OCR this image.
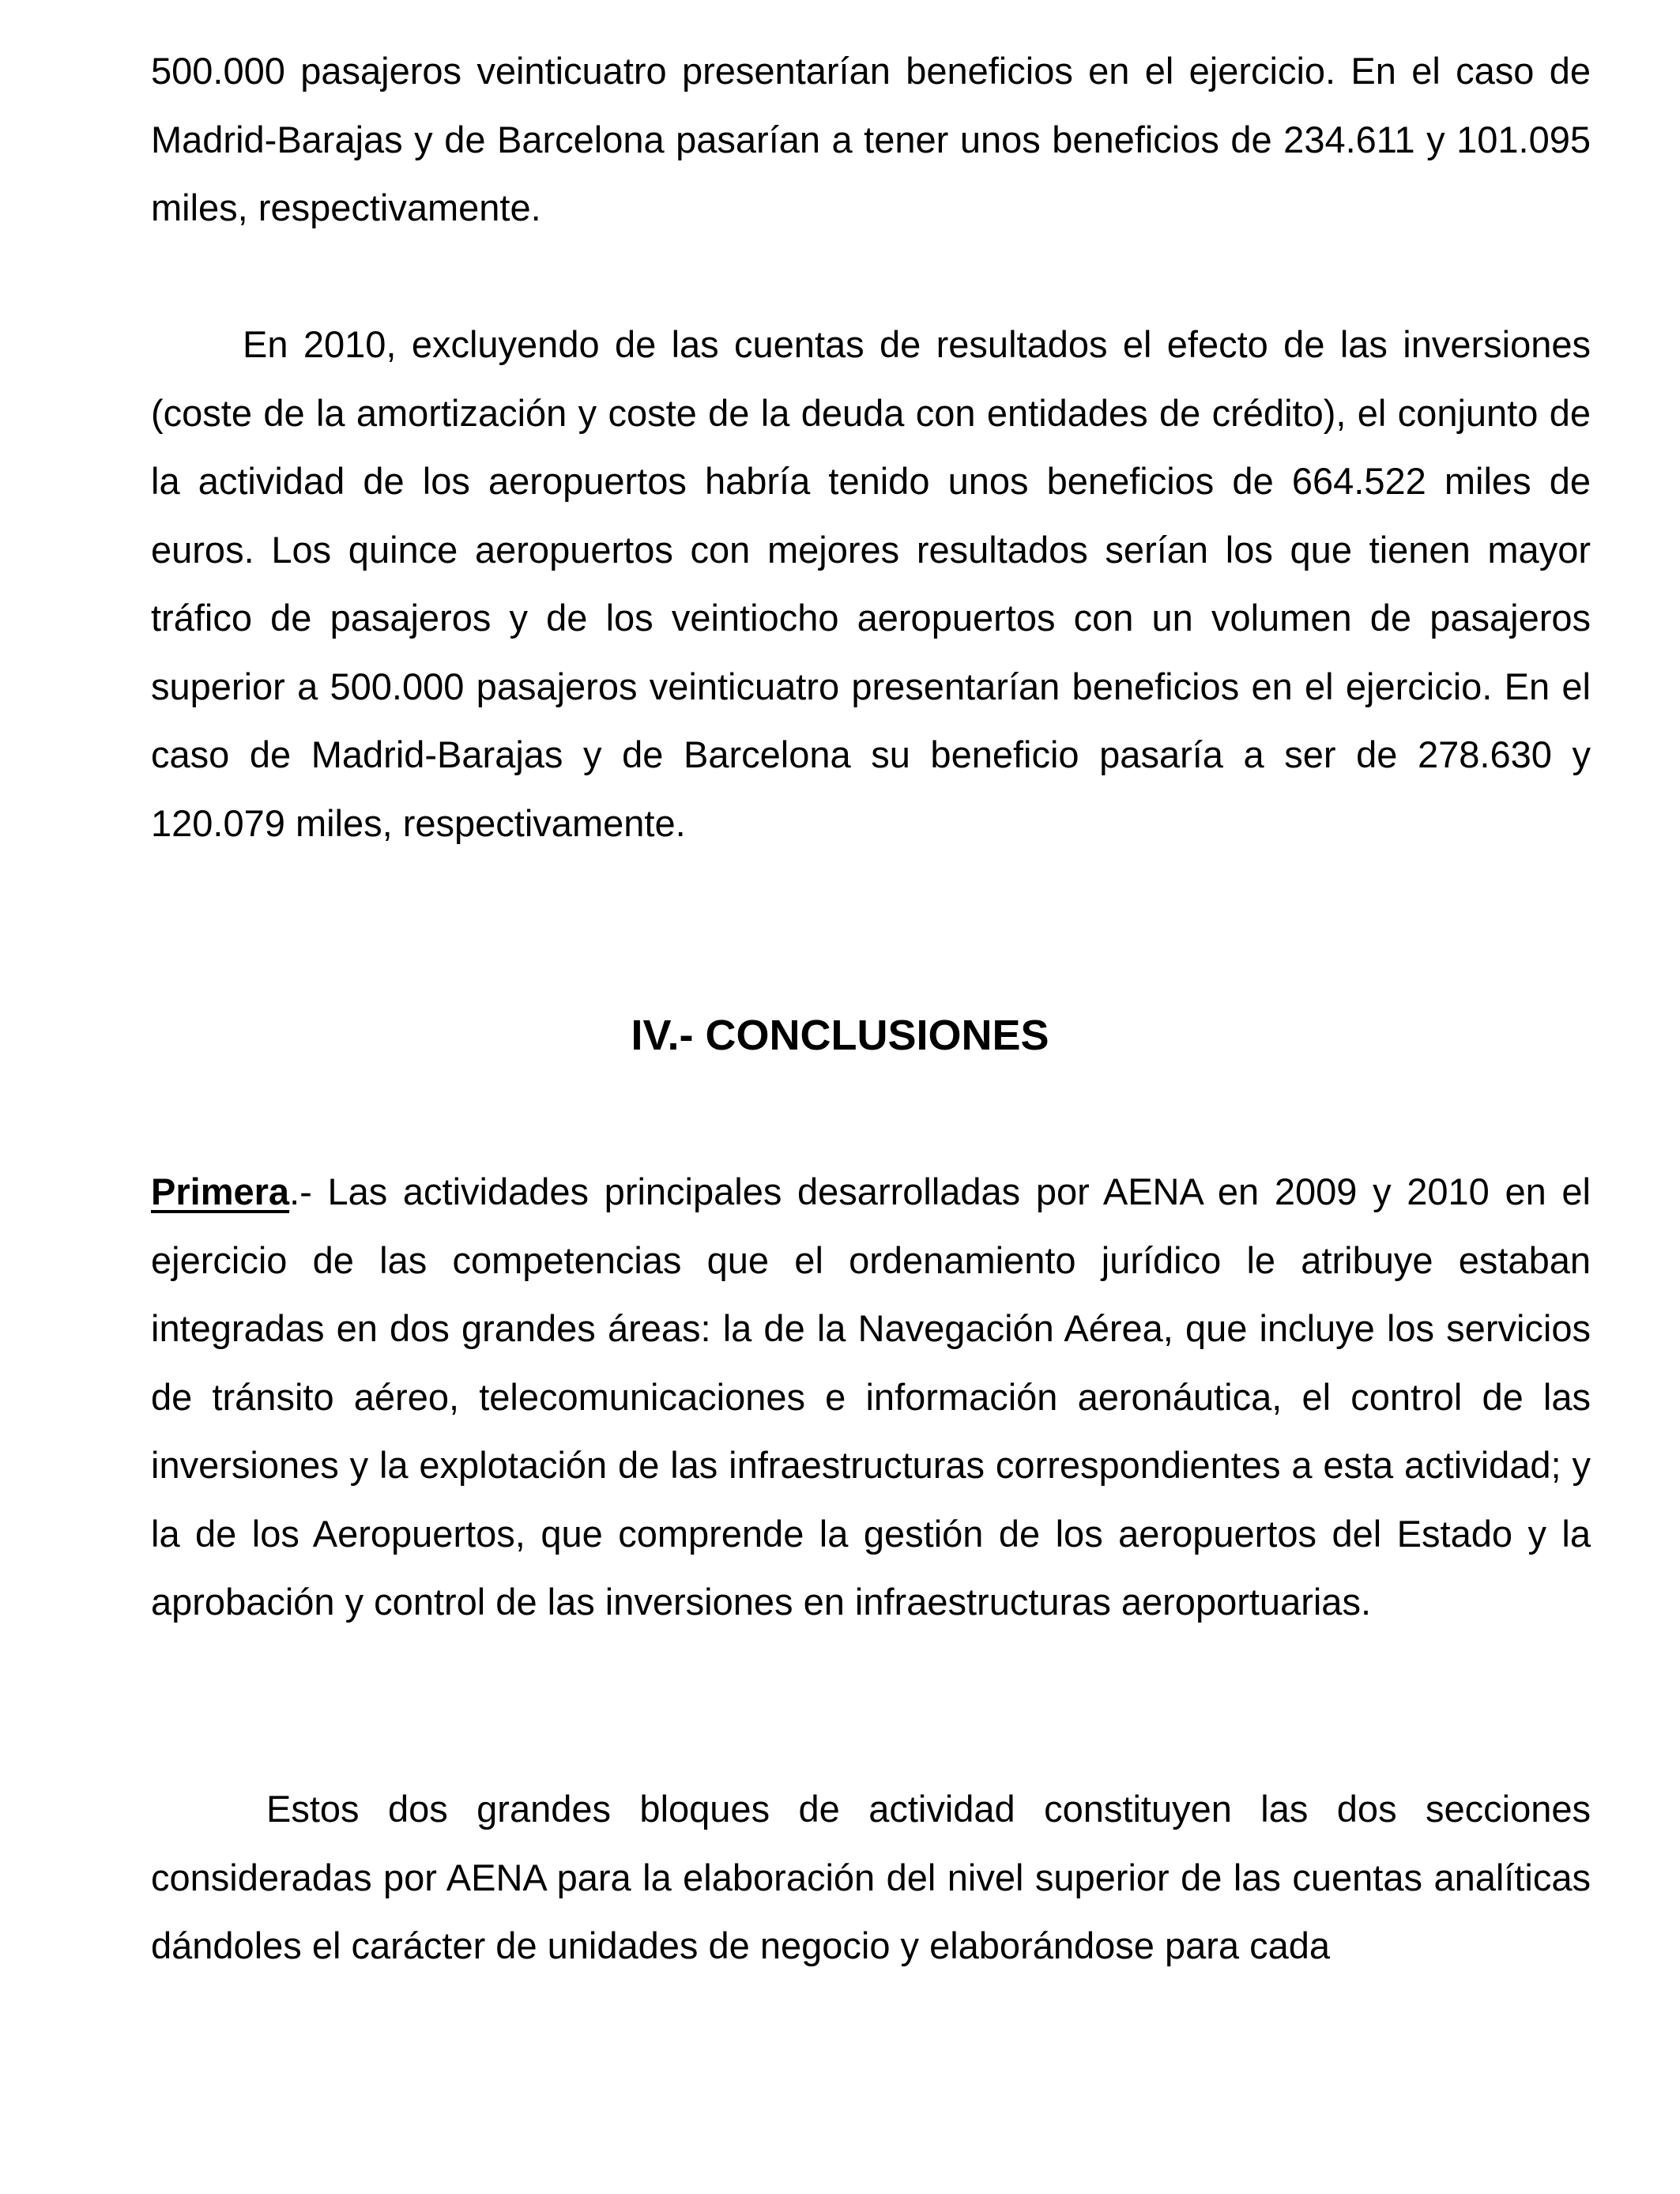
500.000 pasajeros veinticuatro presentarían beneficios en el ejercicio. En el caso de Madrid-Barajas y de Barcelona pasarían a tener unos beneficios de 234.611 y 101.095 miles, respectivamente.

En 2010, excluyendo de las cuentas de resultados el efecto de las inversiones (coste de la amortización y coste de la deuda con entidades de crédito), el conjunto de la actividad de los aeropuertos habría tenido unos beneficios de 664.522 miles de euros. Los quince aeropuertos con mejores resultados serían los que tienen mayor tráfico de pasajeros y de los veintiocho aeropuertos con un volumen de pasajeros superior a 500.000 pasajeros veinticuatro presentarían beneficios en el ejercicio. En el caso de Madrid-Barajas y de Barcelona su beneficio pasaría a ser de 278.630 y 120.079 miles, respectivamente.

IV.- CONCLUSIONES

Primera.- Las actividades principales desarrolladas por AENA en 2009 y 2010 en el ejercicio de las competencias que el ordenamiento jurídico le atribuye estaban integradas en dos grandes áreas: la de la Navegación Aérea, que incluye los servicios de tránsito aéreo, telecomunicaciones e información aeronáutica, el control de las inversiones y la explotación de las infraestructuras correspondientes a esta actividad; y la de los Aeropuertos, que comprende la gestión de los aeropuertos del Estado y la aprobación y control de las inversiones en infraestructuras aeroportuarias.

Estos dos grandes bloques de actividad constituyen las dos secciones consideradas por AENA para la elaboración del nivel superior de las cuentas analíticas dándoles el carácter de unidades de negocio y elaborándose para cada
